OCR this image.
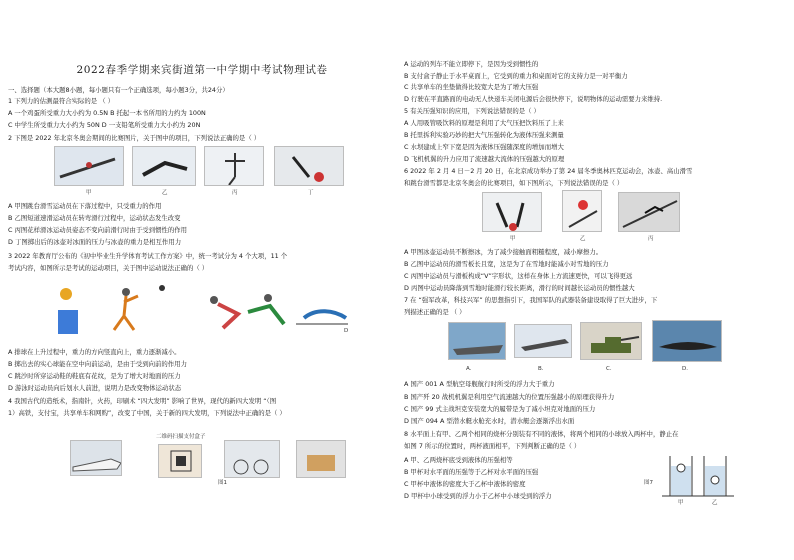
2022春季学期来宾街道第一中学期中考试物理试卷
一、选择题（本大题8小题，每小题只有一个正确选项，每小题3分，共24分）
1 下列力的估测最符合实际的是 （ ）
A 一个鸡蛋所受重力大小约为 0.5N B 托起一本书所用的力约为 100N
C 中学生所受重力大小约为 50N D 一支铅笔所受重力大小约为 20N
2 下图是 2022 年北京冬奥会期间的比赛图片，关于图中的项目，下列说法正确的是（ ）
甲	乙	丙	丁
A 甲图跳台滑雪运动员在下落过程中，只受重力的作用
B 乙图短道速滑运动员在转弯滑行过程中，运动状态发生改变
C 丙图花样滑冰运动员姿态不变向前滑行时由于受到惯性的作用
D 丁图掷出后的冰壶对冰面的压力与冰壶的重力是相互作用力
3 2022 年教育厅公布的《初中毕业生升学体育考试工作方案》中，统一考试分为 4 个大项，11 个
考试内容，如图所示是考试的运动项目，关于图中运动说法正确的（ ）
D
A 排球在上升过程中，重力的方向竖直向上，重力逐渐减小。
B 掷出去的实心球能在空中向前运动，是由于受到向前的作用力
C 跳沙时所穿运动鞋的鞋底有花纹，是为了增大对地面的压力
D 游泳时运动员向后划水人前进，说明力是改变物体运动状态
4 我国古代的造纸术，指南针，火药，印刷术 “四大发明” 影响了世界，现代的新四大发明 “（图
1）高铁，支付宝，共享单车和网购”，改变了中国，关于新的四大发明，下列说法中正确的是（ ）
二维码扫描支付盒子
图1
A 运动的列车不能立即停下，是因为受到惯性的
B 支付盒子静止于水平桌面上，它受到的重力和桌面对它的支持力是一对平衡力
C 共享单车的坐垫做得比较宽大是为了增大压强
D 行驶在平直路面的电动无人快递车关闭电源后会很快停下，说明物体的运动需要力来维持.
5 有关压强知识的应用，下列说法错误的是（ ）
A 人用吸管吸饮料的原理是利用了大气压把饮料压了上来
B 托里拆利实验巧妙的把大气压强转化为液体压强来测量
C 水坝建成上窄下宽是因为液体压强随深度的增加而增大
D 飞机机翼的升力应用了流速越大流体的压强越大的原理
6 2022 年 2 月 4 日－2 月 20 日，在北京成功举办了第 24 届冬季奥林匹克运动会，冰壶、高山滑雪
和跳台滑雪都是北京冬奥会的比赛项目，如下图所示，下列说法错误的是（ ）
甲	乙	丙
A 甲图冰壶运动员不断擦冰，为了减少接触面粗糙程度，减小摩擦力。
B 乙图中运动员的滑雪板长且宽，这是为了在雪地时能减小对雪地的压力
C 丙图中运动员与滑板构成“V”字形状，这样在身体上方流速更快，可以飞得更远
D 丙图中运动员降落到雪地时能滑行较长距离，滑行的时间越长运动员的惯性越大
7 在 “强军改革，科技兴军” 的思想指引下，我国军队的武器装备建设取得了巨大进步，下
列描述正确的是 （ ）
A.	B.	C.	D.
A 国产 001 A 型航空母舰航行时所受的浮力大于重力
B 国产歼 20 战机机翼是利用空气流速越大的位置压强越小的原理获得升力
C 国产 99 式主战坦克安装宽大的履带是为了减小坦克对地面的压力
D 国产 094 A 型潜水艇水舱充水时，潜水艇会逐渐浮出水面
8 水平面上有甲、乙两个相同的烧杯分别装有不同的液体，将两个相同的小球放入两杯中，静止在
如图 7 所示的位置时，两杯液面相平，下列判断正确的是（ ）
A 甲、乙两烧杯底受到液体的压强相等
B 甲杯对水平面的压强等于乙杯对水平面的压强
C 甲杯中液体的密度大于乙杯中液体的密度
D 甲杯中小球受到的浮力小于乙杯中小球受到的浮力
图7
甲	乙
